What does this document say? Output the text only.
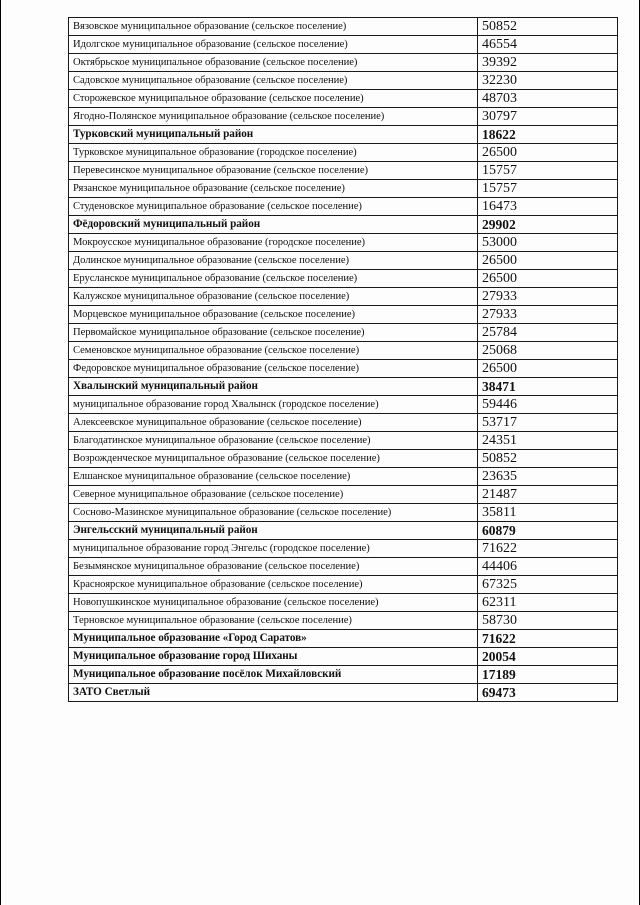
Вязовское муниципальное образование (сельское поселение)	50852
Идолгское муниципальное образование (сельское поселение)	46554
Октябрьское муниципальное образование (сельское поселение)	39392
Садовское муниципальное образование (сельское поселение)	32230
Сторожевское муниципальное образование (сельское поселение)	48703
Ягодно-Полянское муниципальное образование (сельское поселение)	30797
Турковский муниципальный район	18622
Турковское муниципальное образование (городское поселение)	26500
Перевесинское муниципальное образование (сельское поселение)	15757
Рязанское муниципальное образование (сельское поселение)	15757
Студеновское муниципальное образование (сельское поселение)	16473
Фёдоровский муниципальный район	29902
Мокроусское муниципальное образование (городское поселение)	53000
Долинское муниципальное образование (сельское поселение)	26500
Ерусланское муниципальное образование (сельское поселение)	26500
Калужское муниципальное образование (сельское поселение)	27933
Морцевское муниципальное образование (сельское поселение)	27933
Первомайское муниципальное образование (сельское поселение)	25784
Семеновское муниципальное образование (сельское поселение)	25068
Федоровское муниципальное образование (сельское поселение)	26500
Хвалынский муниципальный район	38471
муниципальное образование город Хвалынск (городское поселение)	59446
Алексеевское муниципальное образование (сельское поселение)	53717
Благодатинское муниципальное образование (сельское поселение)	24351
Возрожденческое муниципальное образование (сельское поселение)	50852
Елшанское муниципальное образование (сельское поселение)	23635
Северное муниципальное образование (сельское поселение)	21487
Сосново-Мазинское муниципальное образование (сельское поселение)	35811
Энгельсский муниципальный район	60879
муниципальное образование город Энгельс (городское поселение)	71622
Безымянское муниципальное образование (сельское поселение)	44406
Красноярское муниципальное образование (сельское поселение)	67325
Новопушкинское муниципальное образование (сельское поселение)	62311
Терновское муниципальное образование (сельское поселение)	58730
Муниципальное образование «Город Саратов»	71622
Муниципальное образование город Шиханы	20054
Муниципальное образование посёлок Михайловский	17189
ЗАТО Светлый	69473
